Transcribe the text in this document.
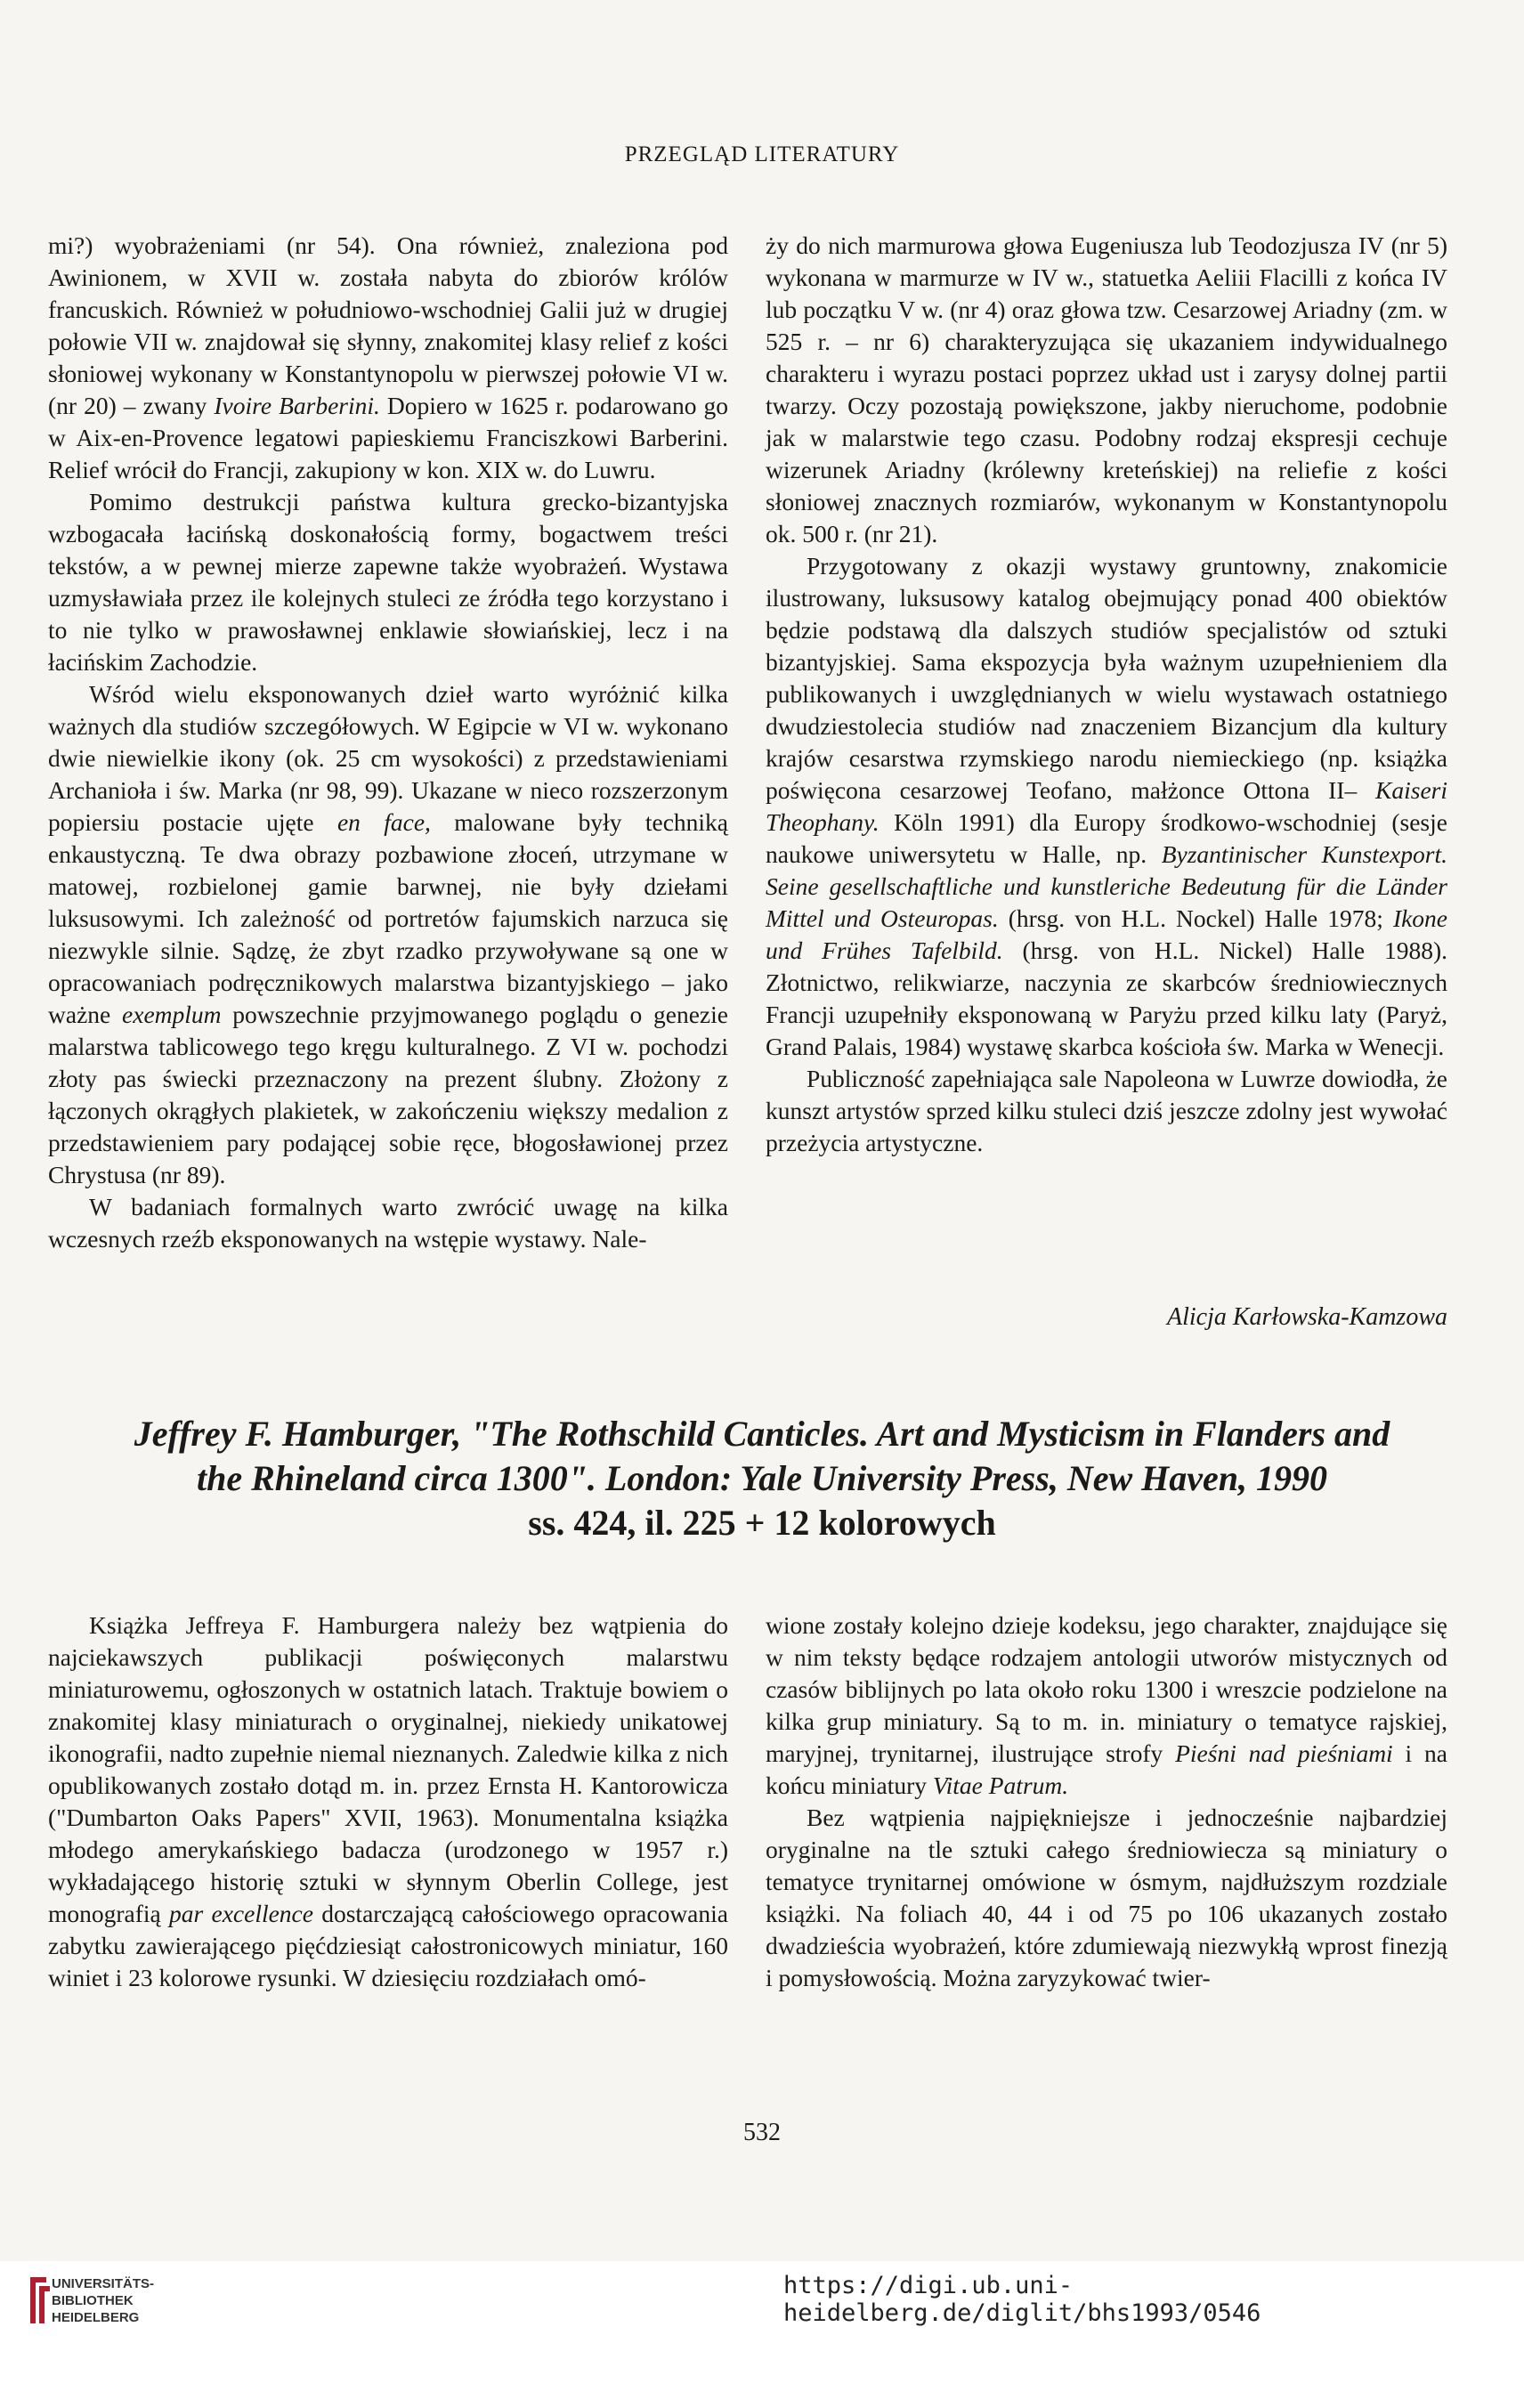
PRZEGLĄD LITERATURY

mi?) wyobrażeniami (nr 54). Ona również, znaleziona pod Awinionem, w XVII w. została nabyta do zbiorów królów francuskich. Również w południowo-wschodniej Galii już w drugiej połowie VII w. znajdował się słynny, znakomitej klasy relief z kości słoniowej wykonany w Konstantynopolu w pierwszej połowie VI w. (nr 20) – zwany Ivoire Barberini. Dopiero w 1625 r. podarowano go w Aix-en-Provence legatowi papieskiemu Franciszkowi Barberini. Relief wrócił do Francji, zakupiony w kon. XIX w. do Luwru.

Pomimo destrukcji państwa kultura grecko-bizantyjska wzbogacała łacińską doskonałością formy, bogactwem treści tekstów, a w pewnej mierze zapewne także wyobrażeń. Wystawa uzmysławiała przez ile kolejnych stuleci ze źródła tego korzystano i to nie tylko w prawosławnej enklawie słowiańskiej, lecz i na łacińskim Zachodzie.

Wśród wielu eksponowanych dzieł warto wyróżnić kilka ważnych dla studiów szczegółowych. W Egipcie w VI w. wykonano dwie niewielkie ikony (ok. 25 cm wysokości) z przedstawieniami Archanioła i św. Marka (nr 98, 99). Ukazane w nieco rozszerzonym popiersiu postacie ujęte en face, malowane były techniką enkaustyczną. Te dwa obrazy pozbawione złoceń, utrzymane w matowej, rozbielonej gamie barwnej, nie były dziełami luksusowymi. Ich zależność od portretów fajumskich narzuca się niezwykle silnie. Sądzę, że zbyt rzadko przywoływane są one w opracowaniach podręcznikowych malarstwa bizantyjskiego – jako ważne exemplum powszechnie przyjmowanego poglądu o genezie malarstwa tablicowego tego kręgu kulturalnego. Z VI w. pochodzi złoty pas świecki przeznaczony na prezent ślubny. Złożony z łączonych okrągłych plakietek, w zakończeniu większy medalion z przedstawieniem pary podającej sobie ręce, błogosławionej przez Chrystusa (nr 89).

W badaniach formalnych warto zwrócić uwagę na kilka wczesnych rzeźb eksponowanych na wstępie wystawy. Nale-

ży do nich marmurowa głowa Eugeniusza lub Teodozjusza IV (nr 5) wykonana w marmurze w IV w., statuetka Aeliii Flacilli z końca IV lub początku V w. (nr 4) oraz głowa tzw. Cesarzowej Ariadny (zm. w 525 r. – nr 6) charakteryzująca się ukazaniem indywidualnego charakteru i wyrazu postaci poprzez układ ust i zarysy dolnej partii twarzy. Oczy pozostają powiększone, jakby nieruchome, podobnie jak w malarstwie tego czasu. Podobny rodzaj ekspresji cechuje wizerunek Ariadny (królewny kreteńskiej) na reliefie z kości słoniowej znacznych rozmiarów, wykonanym w Konstantynopolu ok. 500 r. (nr 21).

Przygotowany z okazji wystawy gruntowny, znakomicie ilustrowany, luksusowy katalog obejmujący ponad 400 obiektów będzie podstawą dla dalszych studiów specjalistów od sztuki bizantyjskiej. Sama ekspozycja była ważnym uzupełnieniem dla publikowanych i uwzględnianych w wielu wystawach ostatniego dwudziestolecia studiów nad znaczeniem Bizancjum dla kultury krajów cesarstwa rzymskiego narodu niemieckiego (np. książka poświęcona cesarzowej Teofano, małżonce Ottona II– Kaiseri Theophany. Köln 1991) dla Europy środkowo-wschodniej (sesje naukowe uniwersytetu w Halle, np. Byzantinischer Kunstexport. Seine gesellschaftliche und kunstleriche Bedeutung für die Länder Mittel und Osteuropas. (hrsg. von H.L. Nockel) Halle 1978; Ikone und Frühes Tafelbild. (hrsg. von H.L. Nickel) Halle 1988). Złotnictwo, relikwiarze, naczynia ze skarbców średniowiecznych Francji uzupełniły eksponowaną w Paryżu przed kilku laty (Paryż, Grand Palais, 1984) wystawę skarbca kościoła św. Marka w Wenecji.

Publiczność zapełniająca sale Napoleona w Luwrze dowiodła, że kunszt artystów sprzed kilku stuleci dziś jeszcze zdolny jest wywołać przeżycia artystyczne.

Alicja Karłowska-Kamzowa
Jeffrey F. Hamburger, "The Rothschild Canticles. Art and Mysticism in Flanders and
the Rhineland circa 1300". London: Yale University Press, New Haven, 1990
ss. 424, il. 225 + 12 kolorowych

Książka Jeffreya F. Hamburgera należy bez wątpienia do najciekawszych publikacji poświęconych malarstwu miniaturowemu, ogłoszonych w ostatnich latach. Traktuje bowiem o znakomitej klasy miniaturach o oryginalnej, niekiedy unikatowej ikonografii, nadto zupełnie niemal nieznanych. Zaledwie kilka z nich opublikowanych zostało dotąd m. in. przez Ernsta H. Kantorowicza ("Dumbarton Oaks Papers" XVII, 1963). Monumentalna książka młodego amerykańskiego badacza (urodzonego w 1957 r.) wykładającego historię sztuki w słynnym Oberlin College, jest monografią par excellence dostarczającą całościowego opracowania zabytku zawierającego pięćdziesiąt całostronicowych miniatur, 160 winiet i 23 kolorowe rysunki. W dziesięciu rozdziałach omó-

wione zostały kolejno dzieje kodeksu, jego charakter, znajdujące się w nim teksty będące rodzajem antologii utworów mistycznych od czasów biblijnych po lata około roku 1300 i wreszcie podzielone na kilka grup miniatury. Są to m. in. miniatury o tematyce rajskiej, maryjnej, trynitarnej, ilustrujące strofy Pieśni nad pieśniami i na końcu miniatury Vitae Patrum.

Bez wątpienia najpiękniejsze i jednocześnie najbardziej oryginalne na tle sztuki całego średniowiecza są miniatury o tematyce trynitarnej omówione w ósmym, najdłuższym rozdziale książki. Na foliach 40, 44 i od 75 po 106 ukazanych zostało dwadzieścia wyobrażeń, które zdumiewają niezwykłą wprost finezją i pomysłowością. Można zaryzykować twier-

532
UNIVERSITÄTS-
BIBLIOTHEK
HEIDELBERG
https://digi.ub.uni-heidelberg.de/diglit/bhs1993/0546
